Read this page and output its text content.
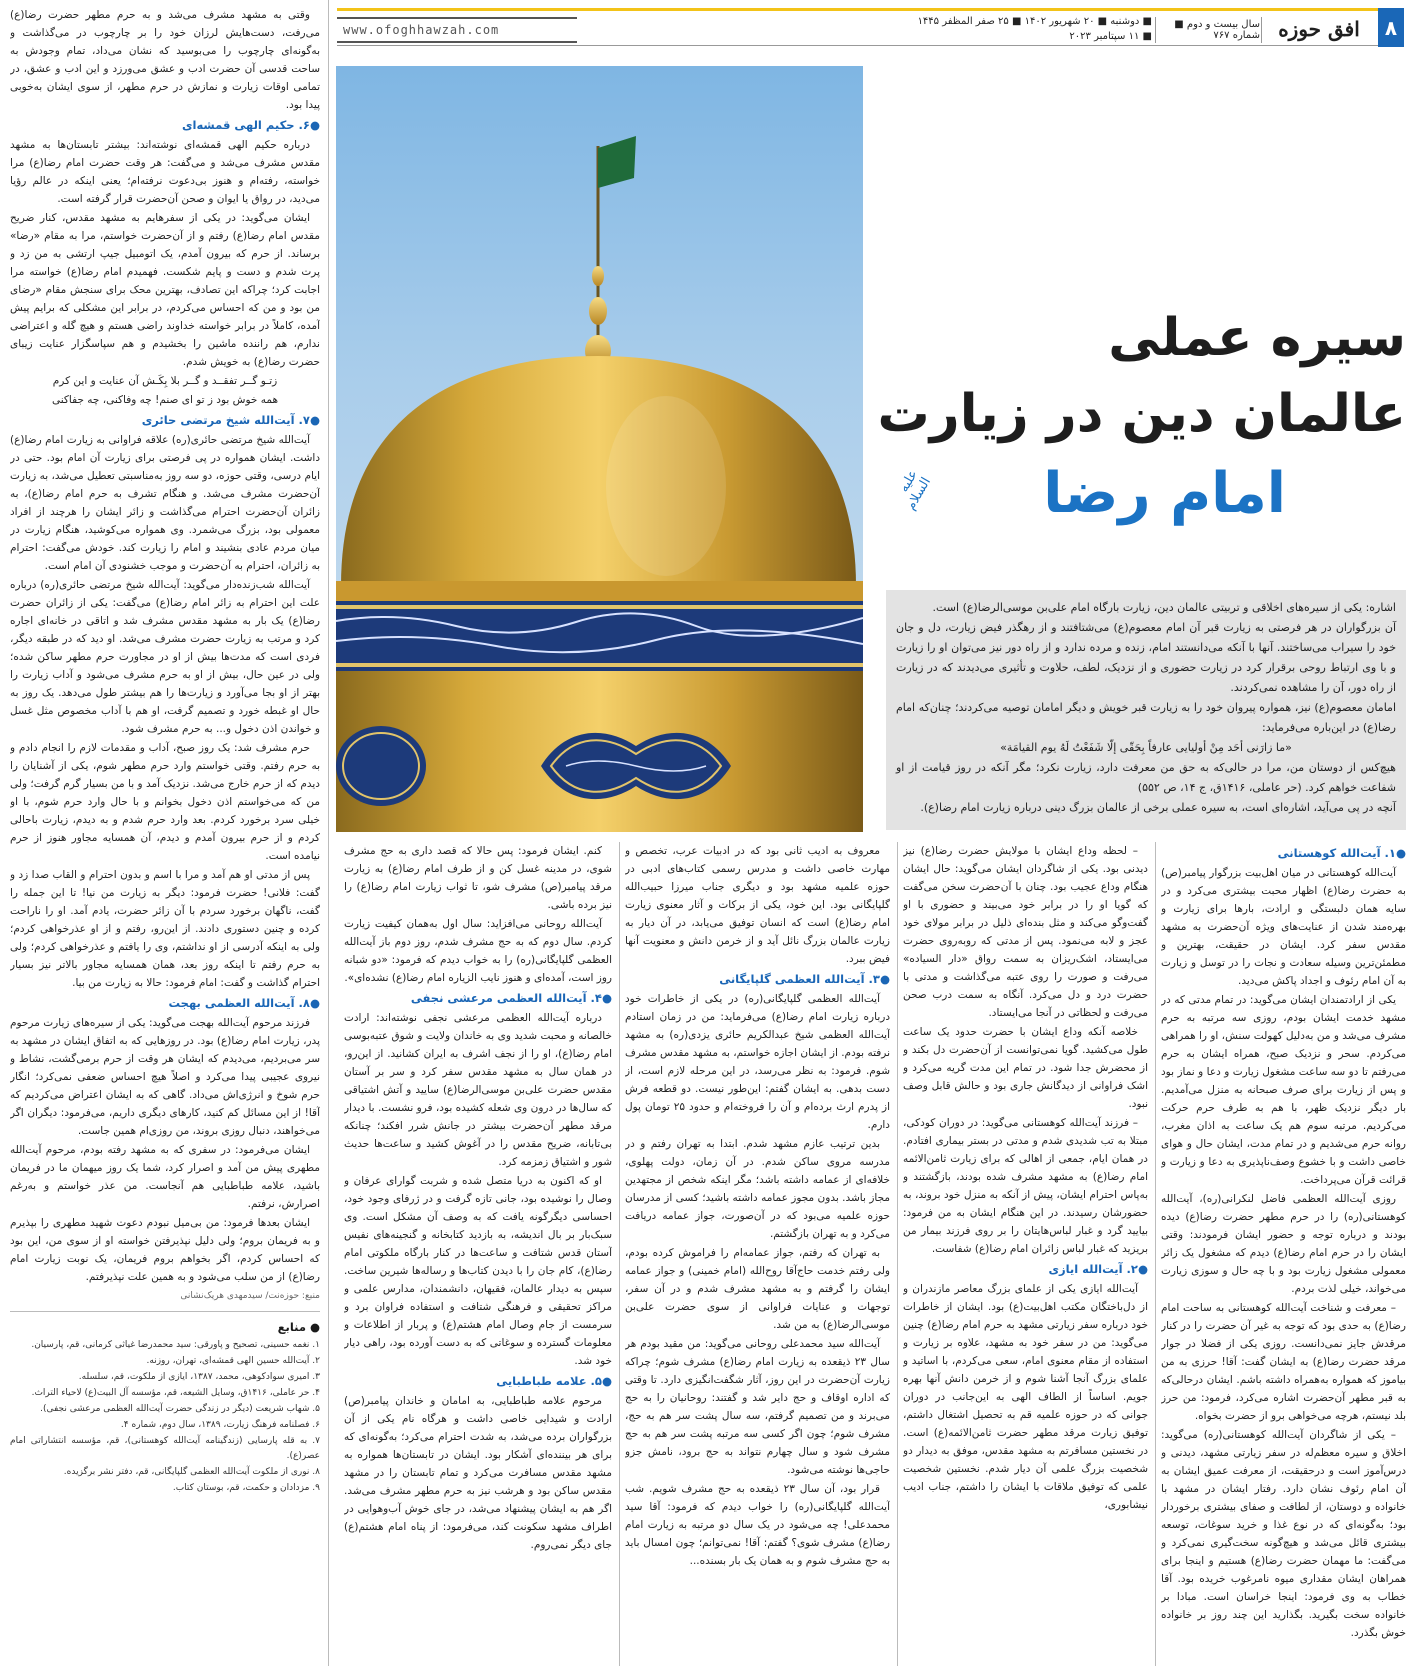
۸
افق حوزه
سال بیست و دوم ■ شماره ۷۶۷
■ دوشنبه ■ ۲۰ شهریور ۱۴۰۲ ■ ۲۵ صفر المظفر ۱۴۴۵
■ ۱۱ سپتامبر ۲۰۲۳
www.ofoghhawzah.com
سیره عملی
عالمان دین در زیارت
امام رضا
علیه السلام

اشاره: یکی از سیره‌های اخلاقی و تربیتی عالمان دین، زیارت بارگاه امام علی‌بن موسی‌الرضا(ع) است.

آن بزرگواران در هر فرصتی به زیارت قبر آن امام معصوم(ع) می‌شتافتند و از رهگذر فیض زیارت، دل و جان خود را سیراب می‌ساختند. آنها با آنکه می‌دانستند امام، زنده و مرده ندارد و از راه دور نیز می‌توان او را زیارت و با وی ارتباط روحی برقرار کرد در زیارت حضوری و از نزدیک، لطف، حلاوت و تأثیری می‌دیدند که در زیارت از راه دور، آن را مشاهده نمی‌کردند.

امامان معصوم(ع) نیز، همواره پیروان خود را به زیارت قبر خویش و دیگر امامان توصیه می‌کردند؛ چنان‌که امام رضا(ع) در این‌باره می‌فرماید:

«ما زارَنی أحَد مِنْ أولیایی عارفاً بِحَقّی إلّا شَفَعْتُ لَهُ یوم القیامَة»

هیچ‌کس از دوستان من، مرا در حالی‌که به حق من معرفت دارد، زیارت نکرد؛ مگر آنکه در روز قیامت از او شفاعت خواهم کرد. (حر عاملی، ۱۴۱۶ق، ج ۱۴، ص ۵۵۲)

آنچه در پی می‌آید، اشاره‌ای است، به سیره عملی برخی از عالمان بزرگ دینی درباره زیارت امام رضا(ع).

●۱. آیت‌الله کوهستانی

آیت‌الله کوهستانی در میان اهل‌بیت بزرگوار پیامبر(ص) به حضرت رضا(ع) اظهار محبت بیشتری می‌کرد و در سایه همان دلبستگی و ارادت، بارها برای زیارت و بهره‌مند شدن از عنایت‌های ویژه آن‌حضرت به مشهد مقدس سفر کرد. ایشان در حقیقت، بهترین و مطمئن‌ترین وسیله سعادت و نجات را در توسل و زیارت به آن امام رئوف و اجداد پاکش می‌دید.

یکی از ارادتمندان ایشان می‌گوید: در تمام مدتی که در مشهد خدمت ایشان بودم، روزی سه مرتبه به حرم مشرف می‌شد و من به‌دلیل کهولت سنش، او را همراهی می‌کردم. سحر و نزدیک صبح، همراه ایشان به حرم می‌رفتم تا دو سه ساعت مشغول زیارت و دعا و نماز بود و پس از زیارت برای صرف صبحانه به منزل می‌آمدیم. بار دیگر نزدیک ظهر، با هم به طرف حرم حرکت می‌کردیم. مرتبه سوم هم یک ساعت به اذان مغرب، روانه حرم می‌شدیم و در تمام مدت، ایشان حال و هوای خاصی داشت و با خشوع وصف‌ناپذیری به دعا و زیارت و قرائت قرآن می‌پرداخت.

روزی آیت‌الله العظمی فاضل لنکرانی(ره)، آیت‌الله کوهستانی(ره) را در حرم مطهر حضرت رضا(ع) دیده بودند و درباره توجه و حضور ایشان فرمودند: وقتی ایشان را در حرم امام رضا(ع) دیدم که مشغول یک زائر معمولی مشغول زیارت بود و با چه حال و سوزی زیارت می‌خواند، خیلی لذت بردم.

– معرفت و شناخت آیت‌الله کوهستانی به ساحت امام رضا(ع) به حدی بود که توجه به غیر آن حضرت را در کنار مرقدش جایز نمی‌دانست. روزی یکی از فضلا در جوار مرقد حضرت رضا(ع) به ایشان گفت: آقا! حرزی به من بیاموز که همواره به‌همراه داشته باشم. ایشان درحالی‌که به قبر مطهر آن‌حضرت اشاره می‌کرد، فرمود: من حرز بلد نیستم، هرچه می‌خواهی برو از حضرت بخواه.

– یکی از شاگردان آیت‌الله کوهستانی(ره) می‌گوید: اخلاق و سیره معظم‌له در سفر زیارتی مشهد، دیدنی و درس‌آموز است و درحقیقت، از معرفت عمیق ایشان به آن امام رئوف نشان دارد. رفتار ایشان در مشهد با خانواده و دوستان، از لطافت و صفای بیشتری برخوردار بود؛ به‌گونه‌ای که در نوع غذا و خرید سوغات، توسعه بیشتری قائل می‌شد و هیچ‌گونه سخت‌گیری نمی‌کرد و می‌گفت: ما مهمان حضرت رضا(ع) هستیم و اینجا برای همراهان ایشان مقداری میوه نامرغوب خریده بود. آقا خطاب به وی فرمود: اینجا خراسان است. مبادا بر خانواده سخت بگیرید. بگذارید این چند روز بر خانواده خوش بگذرد.

– لحظه وداع ایشان با مولایش حضرت رضا(ع) نیز دیدنی بود. یکی از شاگردان ایشان می‌گوید: حال ایشان هنگام وداع عجیب بود. چنان با آن‌حضرت سخن می‌گفت که گویا او را در برابر خود می‌بیند و حضوری با او گفت‌وگو می‌کند و مثل بنده‌ای ذلیل در برابر مولای خود عجز و لابه می‌نمود. پس از مدتی که رو‌به‌روی حضرت می‌ایستاد، اشک‌ریزان به سمت رواق «دار السیاده» می‌رفت و صورت را روی عتبه می‌گذاشت و مدتی با حضرت درد و دل می‌کرد. آنگاه به سمت درب صحن می‌رفت و لحظاتی در آنجا می‌ایستاد.

خلاصه آنکه وداع ایشان با حضرت حدود یک ساعت طول می‌کشید. گویا نمی‌توانست از آن‌حضرت دل بکند و از محضرش جدا شود. در تمام این مدت گریه می‌کرد و اشک فراوانی از دیدگانش جاری بود و حالش قابل وصف نبود.

– فرزند آیت‌الله کوهستانی می‌گوید: در دوران کودکی، مبتلا به تب شدیدی شدم و مدتی در بستر بیماری افتادم. در همان ایام، جمعی از اهالی که برای زیارت ثامن‌الائمه امام رضا(ع) به مشهد مشرف شده بودند، بازگشتند و به‌پاس احترام ایشان، پیش از آنکه به منزل خود بروند، به حضورشان رسیدند. در این هنگام ایشان به من فرمود: بیایید گرد و غبار لباس‌هایتان را بر روی فرزند بیمار من بریزید که غبار لباس زائران امام رضا(ع) شفاست.

●۲. آیت‌الله ایازی

آیت‌الله ایازی یکی از علمای بزرگ معاصر مازندران و از دل‌باختگان مکتب اهل‌بیت(ع) بود. ایشان از خاطرات خود درباره سفر زیارتی مشهد به حرم امام رضا(ع) چنین می‌گوید: من در سفر خود به مشهد، علاوه بر زیارت و استفاده از مقام معنوی امام، سعی می‌کردم، با اساتید و علمای بزرگ آنجا آشنا شوم و از خرمن دانش آنها بهره جویم. اساساً از الطاف الهی به این‌جانب در دوران جوانی که در حوزه علمیه قم به تحصیل اشتغال داشتم، توفیق زیارت مرقد مطهر حضرت ثامن‌الائمه(ع) است. در نخستین مسافرتم به مشهد مقدس، موفق به دیدار دو شخصیت بزرگ علمی آن دیار شدم. نخستین شخصیت علمی که توفیق ملاقات با ایشان را داشتم، جناب ادیب نیشابوری،

معروف به ادیب ثانی بود که در ادبیات عرب، تخصص و مهارت خاصی داشت و مدرس رسمی کتاب‌های ادبی در حوزه علمیه مشهد بود و دیگری جناب میرزا حبیب‌الله گلپایگانی بود. این خود، یکی از برکات و آثار معنوی زیارت امام رضا(ع) است که انسان توفیق می‌یابد، در آن دیار به زیارت عالمان بزرگ نائل آید و از خرمن دانش و معنویت آنها فیض ببرد.

●۳. آیت‌الله العظمی گلپایگانی

آیت‌الله العظمی گلپایگانی(ره) در یکی از خاطرات خود درباره زیارت امام رضا(ع) می‌فرماید: من در زمان استادم آیت‌الله العظمی شیخ عبدالکریم حائری یزدی(ره) به مشهد نرفته بودم. از ایشان اجازه خواستم، به مشهد مقدس مشرف شوم. فرمود: به نظر می‌رسد، در این مرحله لازم است، از دست بدهی. به ایشان گفتم: این‌طور نیست. دو قطعه فرش از پدرم ارث برده‌ام و آن را فروخته‌ام و حدود ۲۵ تومان پول دارم.

بدین ترتیب عازم مشهد شدم. ابتدا به تهران رفتم و در مدرسه مروی ساکن شدم. در آن زمان، دولت پهلوی، خلافه‌ای از عمامه داشته باشد؛ مگر اینکه شخص از مجتهدین مجاز باشد. بدون مجوز عمامه داشته باشید؛ کسی از مدرسان حوزه علمیه می‌بود که در آن‌صورت، جواز عمامه دریافت می‌کرد و به تهران بازگشتم.

به تهران که رفتم، جواز عمامه‌ام را فراموش کرده بودم، ولی رفتم خدمت حاج‌آقا روح‌الله (امام خمینی) و جواز عمامه ایشان را گرفتم و به مشهد مشرف شدم و در آن سفر، توجهات و عنایات فراوانی از سوی حضرت علی‌بن موسی‌الرضا(ع) به من شد.

آیت‌الله سید محمدعلی روحانی می‌گوید: من مقید بودم هر سال ۲۳ ذیقعده به زیارت امام رضا(ع) مشرف شوم؛ چراکه زیارت آن‌حضرت در این روز، آثار شگفت‌انگیزی دارد. تا وقتی که اداره اوقاف و حج دایر شد و گفتند: روحانیان را به حج می‌برند و من تصمیم گرفتم، سه سال پشت سر هم به حج، مشرف شوم؛ چون اگر کسی سه مرتبه پشت سر هم به حج مشرف شود و سال چهارم نتواند به حج برود، نامش جزو حاجی‌ها نوشته می‌شود.

قرار بود، آن سال ۲۳ ذیقعده به حج مشرف شویم. شب آیت‌الله گلپایگانی(ره) را خواب دیدم که فرمود: آقا سید محمدعلی! چه می‌شود در یک سال دو مرتبه به زیارت امام رضا(ع) مشرف شوی؟ گفتم: آقا! نمی‌توانم؛ چون امسال باید به حج مشرف شوم و به همان یک بار بسنده...

کنم. ایشان فرمود: پس حالا که قصد داری به حج مشرف شوی، در مدینه غسل کن و از طرف امام رضا(ع) به زیارت مرقد پیامبر(ص) مشرف شو، تا ثواب زیارت امام رضا(ع) را نیز برده باشی.

آیت‌الله روحانی می‌افزاید: سال اول به‌همان کیفیت زیارت کردم. سال دوم که به حج مشرف شدم، روز دوم باز آیت‌الله العظمی گلپایگانی(ره) را به خواب دیدم که فرمود: «دو شبانه روز است، آمده‌ای و هنوز نایب الزیاره امام رضا(ع) نشده‌ای».

●۴. آیت‌الله العظمی مرعشی نجفی

درباره آیت‌الله العظمی مرعشی نجفی نوشته‌اند: ارادت خالصانه و محبت شدید وی به خاندان ولایت و شوق عتبه‌بوسی امام رضا(ع)، او را از نجف اشرف به ایران کشانید. از این‌رو، در همان سال به مشهد مقدس سفر کرد و سر بر آستان مقدس حضرت علی‌بن موسی‌الرضا(ع) سایید و آتش اشتیاقی که سال‌ها در درون وی شعله کشیده بود، فرو نشست. با دیدار مرقد مطهر آن‌حضرت بیشتر در جانش شرر افکند؛ چنانکه بی‌تابانه، ضریح مقدس را در آغوش کشید و ساعت‌ها حدیث شور و اشتیاق زمزمه کرد.

او که اکنون به دریا متصل شده و شربت گوارای عرفان و وصال را نوشیده بود، جانی تازه گرفت و در ژرفای وجود خود، احساسی دیگرگونه یافت که به وصف آن مشکل است. وی سبک‌بار بر بال اندیشه، به بازدید کتابخانه و گنجینه‌های نفیس آستان قدس شتافت و ساعت‌ها در کنار بارگاه ملکوتی امام رضا(ع)، کام جان را با دیدن کتاب‌ها و رساله‌ها شیرین ساخت. سپس به دیدار عالمان، فقیهان، دانشمندان، مدارس علمی و مراکز تحقیقی و فرهنگی شتافت و استفاده فراوان برد و سرمست از جام وصال امام هشتم(ع) و پربار از اطلاعات و معلومات گسترده و سوغاتی که به دست آورده بود، راهی دیار خود شد.

●۵. علامه طباطبایی

مرحوم علامه طباطبایی، به امامان و خاندان پیامبر(ص) ارادت و شیدایی خاصی داشت و هرگاه نام یکی از آن بزرگواران برده می‌شد، به شدت احترام می‌کرد؛ به‌گونه‌ای که برای هر بیننده‌ای آشکار بود. ایشان در تابستان‌ها همواره به مشهد مقدس مسافرت می‌کرد و تمام تابستان را در مشهد مقدس ساکن بود و هرشب نیز به حرم مطهر مشرف می‌شد. اگر هم به ایشان پیشنهاد می‌شد، در جای خوش آب‌وهوایی در اطراف مشهد سکونت کند، می‌فرمود: از پناه امام هشتم(ع) جای دیگر نمی‌روم.

وقتی به مشهد مشرف می‌شد و به حرم مطهر حضرت رضا(ع) می‌رفت، دست‌هایش لرزان خود را بر چارچوب در می‌گذاشت و به‌گونه‌ای چارچوب را می‌بوسید که نشان می‌داد، تمام وجودش به ساحت قدسی آن حضرت ادب و عشق می‌ورزد و این ادب و عشق، در تمامی اوقات زیارت و نمازش در حرم مطهر، از سوی ایشان به‌خوبی پیدا بود.

●۶. حکیم الهی قمشه‌ای

درباره حکیم الهی قمشه‌ای نوشته‌اند: بیشتر تابستان‌ها به مشهد مقدس مشرف می‌شد و می‌گفت: هر وقت حضرت امام رضا(ع) مرا خواسته، رفته‌ام و هنوز بی‌دعوت نرفته‌ام؛ یعنی اینکه در عالم رؤیا می‌دید، در رواق یا ایوان و صحن آن‌حضرت قرار گرفته است.

ایشان می‌گوید: در یکی از سفرهایم به مشهد مقدس، کنار ضریح مقدس امام رضا(ع) رفتم و از آن‌حضرت خواستم، مرا به مقام «رضا» برساند. از حرم که بیرون آمدم، یک اتومبیل جیپ ارتشی به من زد و پرت شدم و دست و پایم شکست. فهمیدم امام رضا(ع) خواسته مرا اجابت کرد؛ چراکه این تصادف، بهترین محک برای سنجش مقام «رضای من بود و من که احساس می‌کردم، در برابر این مشکلی که برایم پیش آمده، کاملاً در برابر خواسته خداوند راضی هستم و هیچ گله و اعتراضی ندارم، هم راننده ماشین را بخشیدم و هم سپاسگزار عنایت زیبای حضرت رضا(ع) به خویش شدم.

زتـو گــر تفقــد و گــر بلا بِکَـش آن عنایت و این کرم

همه خوش بود ز تو ای صنم! چه وفاکنی، چه جفاکنی

●۷. آیت‌الله شیخ مرتضی حائری

آیت‌الله شیخ مرتضی حائری(ره) علاقه فراوانی به زیارت امام رضا(ع) داشت. ایشان همواره در پی فرصتی برای زیارت آن امام بود. حتی در ایام درسی، وقتی حوزه، دو سه روز به‌مناسبتی تعطیل می‌شد، به زیارت آن‌حضرت مشرف می‌شد. و هنگام تشرف به حرم امام رضا(ع)، به زائران آن‌حضرت احترام می‌گذاشت و زائر ایشان را هرچند از افراد معمولی بود، بزرگ می‌شمرد. وی همواره می‌کوشید، هنگام زیارت در میان مردم عادی بنشیند و امام را زیارت کند. خودش می‌گفت: احترام به زائران، احترام به آن‌حضرت و موجب خشنودی آن امام است.

آیت‌الله شب‌زنده‌دار می‌گوید: آیت‌الله شیخ مرتضی حائری(ره) درباره علت این احترام به زائر امام رضا(ع) می‌گفت: یکی از زائران حضرت رضا(ع) یک بار به مشهد مقدس مشرف شد و اتاقی در خانه‌ای اجاره کرد و مرتب به زیارت حضرت مشرف می‌شد. او دید که در طبقه دیگر، فردی است که مدت‌ها بیش از او در مجاورت حرم مطهر ساکن شده؛ ولی در عین حال، بیش از او به حرم مشرف می‌شود و آداب زیارت را بهتر از او بجا می‌آورد و زیارت‌ها را هم بیشتر طول می‌دهد. یک روز به حال او غبطه خورد و تصمیم گرفت، او هم با آداب مخصوص مثل غسل و خواندن اذن دخول و... به حرم مشرف شود.

حرم مشرف شد: یک روز صبح، آداب و مقدمات لازم را انجام دادم و به حرم رفتم. وقتی خواستم وارد حرم مطهر شوم، یکی از آشنایان را دیدم که از حرم خارج می‌شد. نزدیک آمد و با من بسیار گرم گرفت؛ ولی من که می‌خواستم اذن دخول بخوانم و با حال وارد حرم شوم، با او خیلی سرد برخورد کردم. بعد وارد حرم شدم و به دیدم، زیارت باحالی کردم و از حرم بیرون آمدم و دیدم، آن همسایه مجاور هنوز از حرم نیامده است.

پس از مدتی او هم آمد و مرا با اسم و بدون احترام و القاب صدا زد و گفت: فلانی! حضرت فرمود: دیگر به زیارت من نیا! تا این جمله را گفت، ناگهان برخورد سردم با آن زائر حضرت، یادم آمد. او را ناراحت کرده و چنین دستوری دادند. از این‌رو، رفتم و از او عذرخواهی کردم؛ ولی به اینکه آدرسی از او نداشتم، وی را یافتم و عذرخواهی کردم؛ ولی به حرم رفتم تا اینکه روز بعد، همان همسایه مجاور بالاتر نیز بسیار احترام گذاشت و گفت: امام فرمود: حالا به زیارت من بیا.

●۸. آیت‌الله العظمی بهجت

فرزند مرحوم آیت‌الله بهجت می‌گوید: یکی از سیره‌های زیارت مرحوم پدر، زیارت امام رضا(ع) بود. در روزهایی که به اتفاق ایشان در مشهد به سر می‌بردیم، می‌دیدم که ایشان هر وقت از حرم برمی‌گشت، نشاط و نیروی عجیبی پیدا می‌کرد و اصلاً هیچ احساس ضعفی نمی‌کرد؛ انگار حرم شوخ و انرژی‌اش می‌داد. گاهی که به ایشان اعتراض می‌کردیم که آقا! از این مسائل کم کنید، کارهای دیگری داریم، می‌فرمود: دیگران اگر می‌خواهند، دنبال روزی بروند، من روزی‌ام همین جاست.

ایشان می‌فرمود: در سفری که به مشهد رفته بودم، مرحوم آیت‌الله مطهری پیش من آمد و اصرار کرد، شما یک روز میهمان ما در فریمان باشید، علامه طباطبایی هم آنجاست. من عذر خواستم و به‌رغم اصرارش، نرفتم.

ایشان بعدها فرمود: من بی‌میل نبودم دعوت شهید مطهری را بپذیرم و به فریمان بروم؛ ولی دلیل نپذیرفتن خواسته او از سوی من، این بود که احساس کردم، اگر بخواهم بروم فریمان، یک نوبت زیارت امام رضا(ع) از من سلب می‌شود و به همین علت نپذیرفتم.

منبع: حوزه‌نت/ سیدمهدی هریک‌نشانی

● منابع

۱. نغمه حسینی، تصحیح و پاورقی: سید محمدرضا غیاثی کرمانی، قم، پارسیان.

۲. آیت‌الله حسین الهی قمشه‌ای، تهران، روزنه.

۳. امیری سوادکوهی، محمد، ۱۳۸۷، ایازی از ملکوت، قم، سلسله.

۴. حر عاملی، ۱۴۱۶ق، وسایل الشیعه، قم، مؤسسه آل البیت(ع) لاحیاء التراث.

۵. شهاب شریعت (دیگر در زندگی حضرت آیت‌الله العظمی مرعشی نجفی).

۶. فصلنامه فرهنگ زیارت، ۱۳۸۹، سال دوم، شماره ۴.

۷. به قله پارسایی (زندگینامه آیت‌الله کوهستانی)، قم، مؤسسه انتشاراتی امام عصر(ع).

۸. نوری از ملکوت آیت‌الله العظمی گلپایگانی، قم، دفتر نشر برگزیده.

۹. مزدادان و حکمت، قم، بوستان کتاب.
